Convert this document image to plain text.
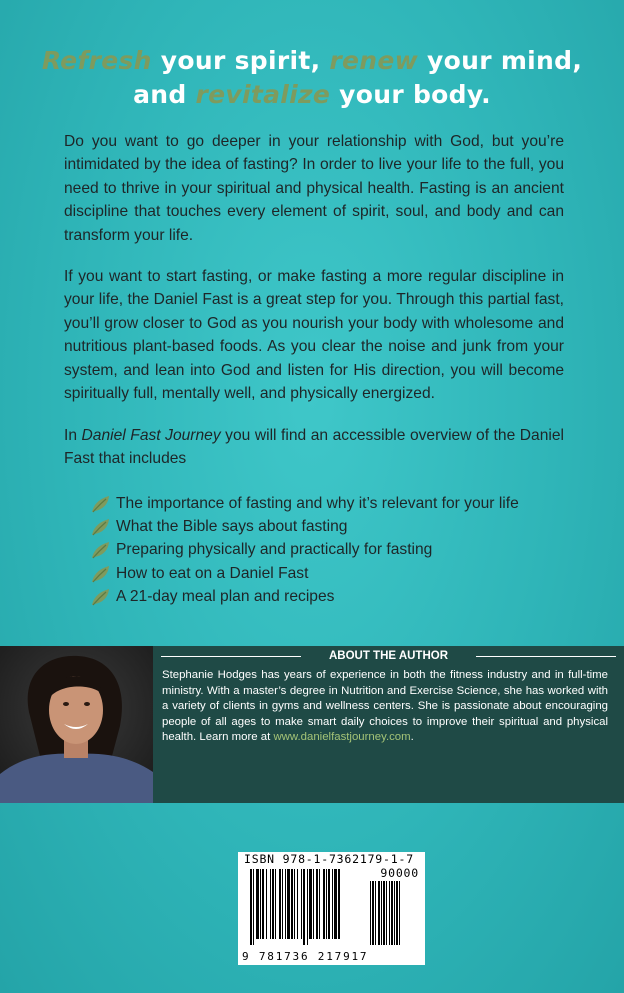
Refresh your spirit, renew your mind,
and revitalize your body.

Do you want to go deeper in your relationship with God, but you’re intimidated by the idea of fasting? In order to live your life to the full, you need to thrive in your spiritual and physical health. Fasting is an ancient discipline that touches every element of spirit, soul, and body and can transform your life.

If you want to start fasting, or make fasting a more regular discipline in your life, the Daniel Fast is a great step for you. Through this partial fast, you’ll grow closer to God as you nourish your body with wholesome and nutritious plant-based foods. As you clear the noise and junk from your system, and lean into God and listen for His direction, you will become spiritually full, mentally well, and physically energized.

In Daniel Fast Journey you will find an accessible overview of the Daniel Fast that includes

The importance of fasting and why it’s relevant for your life
What the Bible says about fasting
Preparing physically and practically for fasting
How to eat on a Daniel Fast
A 21-day meal plan and recipes
ABOUT THE AUTHOR

Stephanie Hodges has years of experience in both the fitness industry and in full-time ministry. With a master’s degree in Nutrition and Exercise Science, she has worked with a variety of clients in gyms and wellness centers. She is passionate about encouraging people of all ages to make smart daily choices to improve their spiritual and physical health. Learn more at www.danielfastjourney.com.

ISBN 978-1-7362179-1-7
90000
9 781736 217917
